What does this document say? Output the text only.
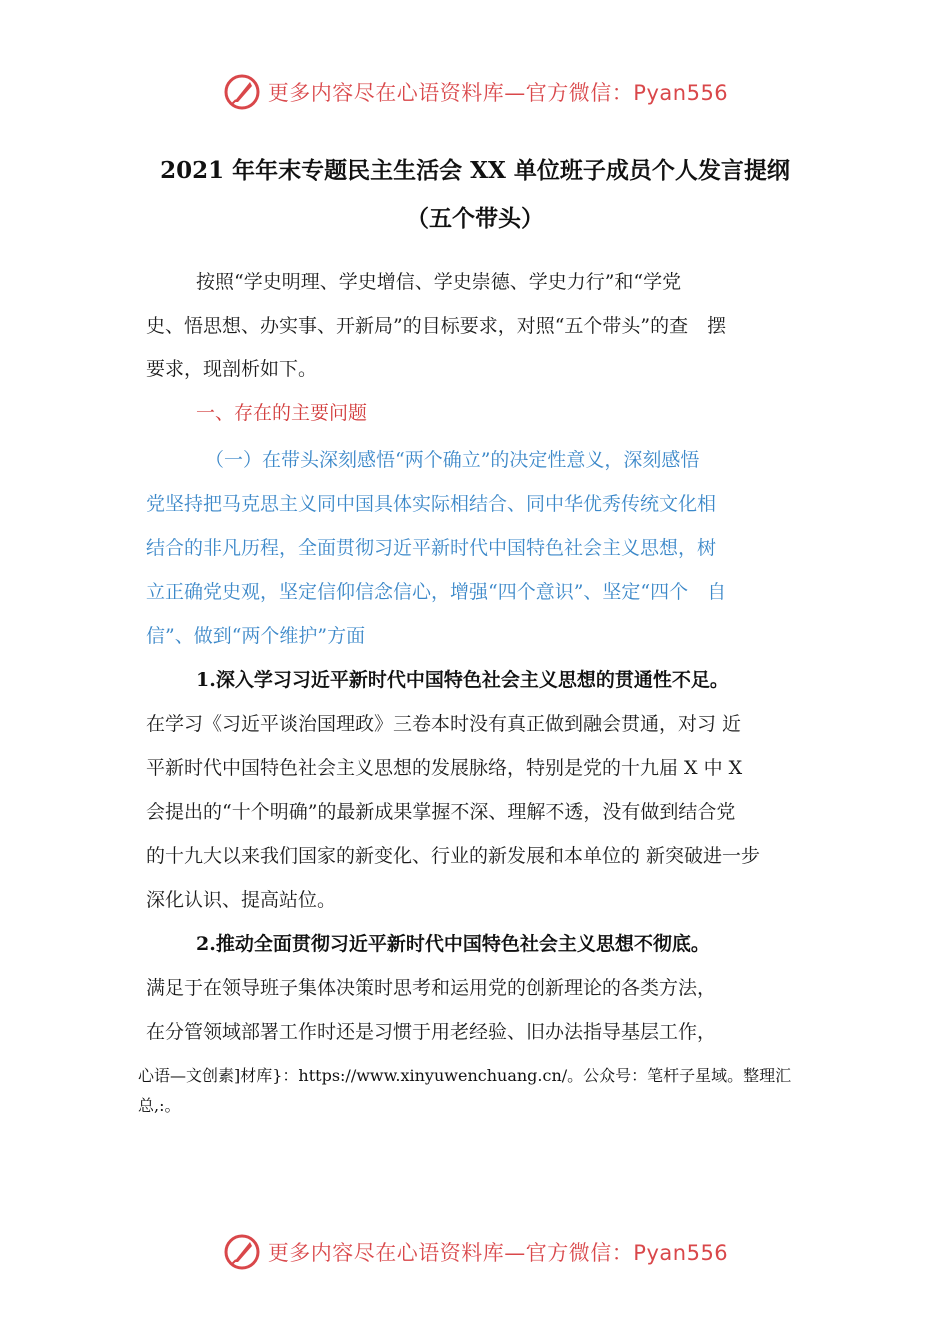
更多内容尽在心语资料库—官方微信：Pyan556
2021 年年末专题民主生活会 XX 单位班子成员个人发言提纲
（五个带头）
按照“学史明理、学史增信、学史崇德、学史力行”和“学党
史、悟思想、办实事、开新局”的目标要求，对照“五个带头”的查　摆
要求，现剖析如下。
一、存在的主要问题
（一）在带头深刻感悟“两个确立”的决定性意义，深刻感悟
党坚持把马克思主义同中国具体实际相结合、同中华优秀传统文化相
结合的非凡历程，全面贯彻习近平新时代中国特色社会主义思想，树
立正确党史观，坚定信仰信念信心，增强“四个意识”、坚定“四个　自
信”、做到“两个维护”方面
1.深入学习习近平新时代中国特色社会主义思想的贯通性不足。
在学习《习近平谈治国理政》三卷本时没有真正做到融会贯通，对习 近
平新时代中国特色社会主义思想的发展脉络，特别是党的十九届 X 中 X
会提出的“十个明确”的最新成果掌握不深、理解不透，没有做到结合党
的十九大以来我们国家的新变化、行业的新发展和本单位的 新突破进一步
深化认识、提高站位。
2.推动全面贯彻习近平新时代中国特色社会主义思想不彻底。
满足于在领导班子集体决策时思考和运用党的创新理论的各类方法，
在分管领域部署工作时还是习惯于用老经验、旧办法指导基层工作，
心语—文创素]材库}：https://www.xinyuwenchuang.cn/。公众号：笔杆子星域。整理汇
总,:。
更多内容尽在心语资料库—官方微信：Pyan556
